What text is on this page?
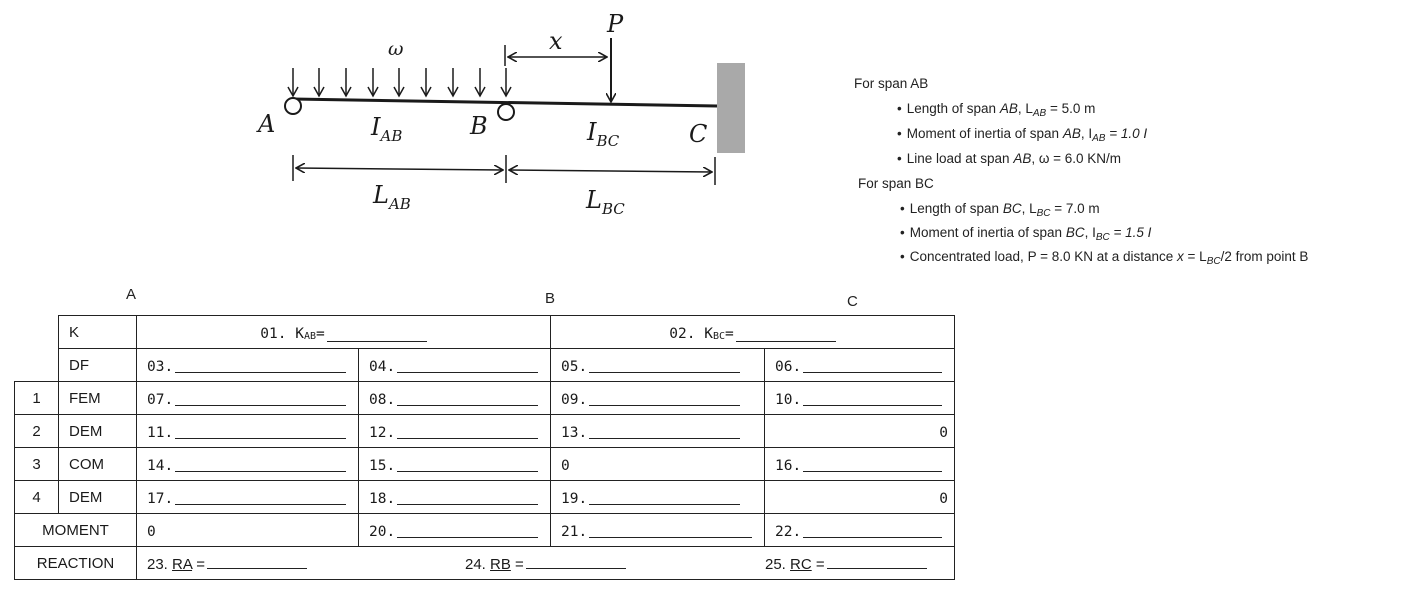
ω	x
P
A	B	C
$I_{AB}$	$I_{BC}$
$L_{AB}$	$L_{BC}$
For span AB
• Length of span AB, $L_{AB} = 5.0$ m
• Moment of inertia of span AB, $I_{AB} = 1.0$ I
• Line load at span AB, ω = 6.0 KN/m
For span BC
• Length of span BC, $L_{BC} = 7.0$ m
• Moment of inertia of span BC, $I_{BC} = 1.5$ I
• Concentrated load, P = 8.0 KN at a distance $x = L_{BC}/2$ from point B
A	B	C
	K	01. K AB =		02. K BC =	

	DF	03.	04.	05.	06.

1	FEM	07.	08.	09.	10.

2	DEM	11.	12.	13.	0

3	COM	14.	15.	0	16.

4	DEM	17.	18.	19.	0

MOMENT		0	20.	21.	22.

REACTION		23. RA = 24. RB = 25. RC =			
